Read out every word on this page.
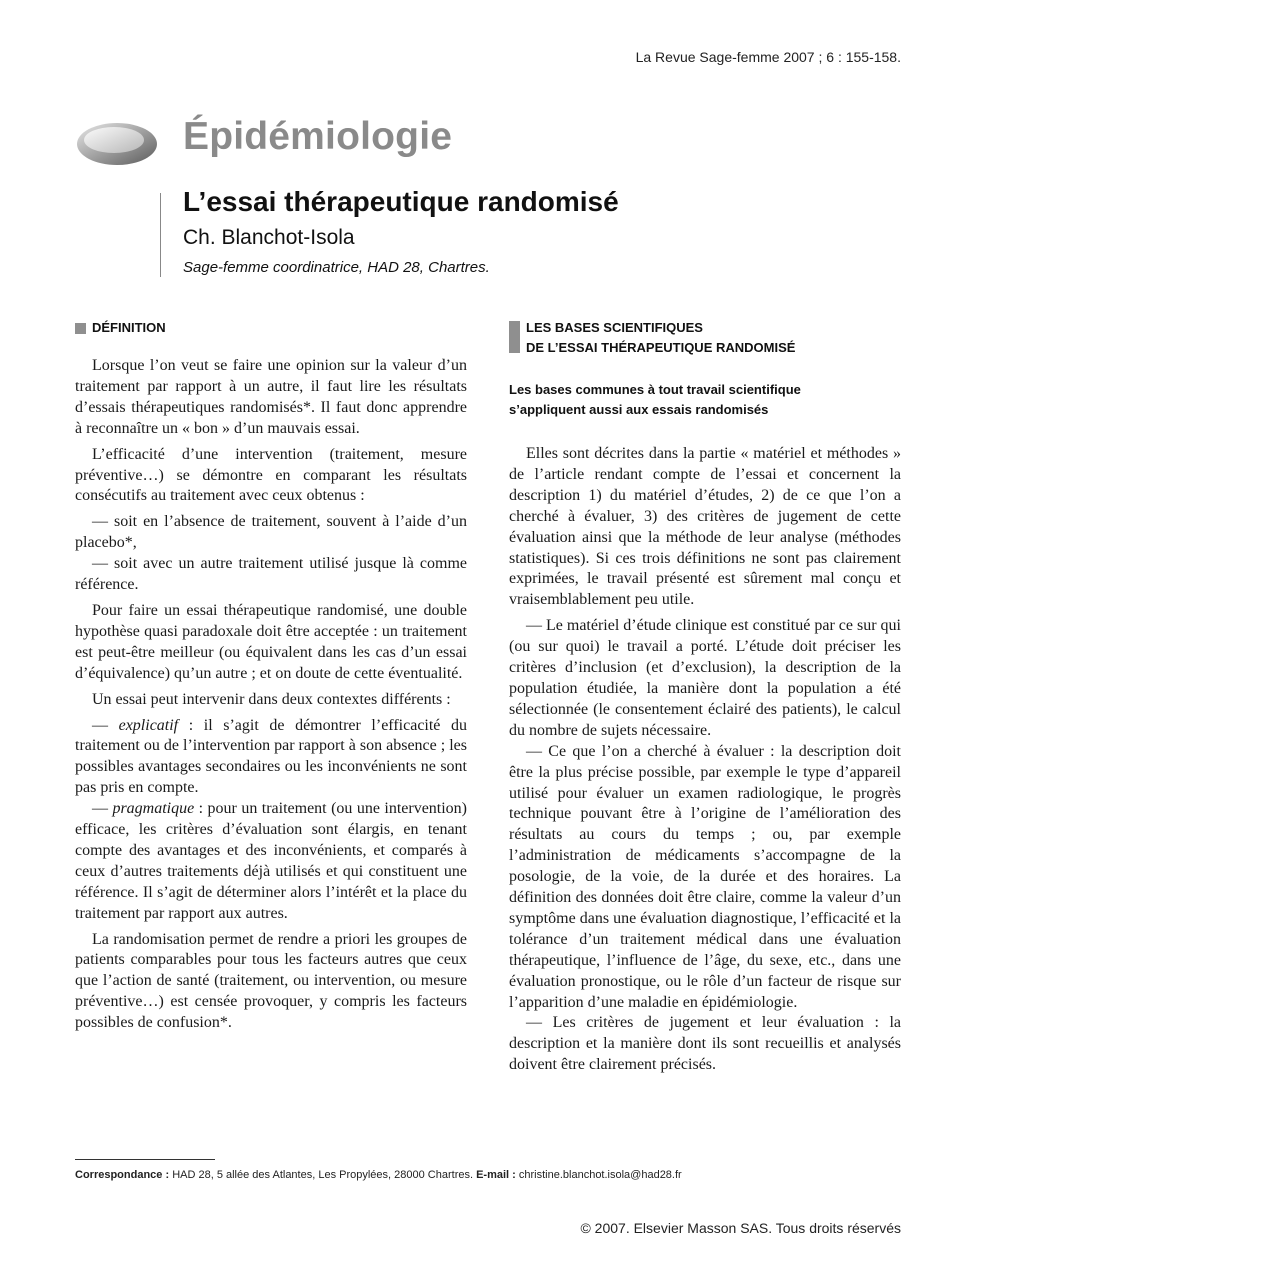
La Revue Sage-femme 2007 ; 6 : 155-158.
Épidémiologie
L’essai thérapeutique randomisé
Ch. Blanchot-Isola
Sage-femme coordinatrice, HAD 28, Chartres.
DÉFINITION

Lorsque l’on veut se faire une opinion sur la valeur d’un traitement par rapport à un autre, il faut lire les résultats d’essais thérapeutiques randomisés*. Il faut donc apprendre à reconnaître un « bon » d’un mauvais essai.

L’efficacité d’une intervention (traitement, mesure préventive…) se démontre en comparant les résultats consécutifs au traitement avec ceux obtenus :

— soit en l’absence de traitement, souvent à l’aide d’un placebo*,

— soit avec un autre traitement utilisé jusque là comme référence.

Pour faire un essai thérapeutique randomisé, une double hypothèse quasi paradoxale doit être acceptée : un traitement est peut-être meilleur (ou équivalent dans les cas d’un essai d’équivalence) qu’un autre ; et on doute de cette éventualité.

Un essai peut intervenir dans deux contextes différents :

— explicatif : il s’agit de démontrer l’efficacité du traitement ou de l’intervention par rapport à son absence ; les possibles avantages secondaires ou les inconvénients ne sont pas pris en compte.

— pragmatique : pour un traitement (ou une intervention) efficace, les critères d’évaluation sont élargis, en tenant compte des avantages et des inconvénients, et comparés à ceux d’autres traitements déjà utilisés et qui constituent une référence. Il s’agit de déterminer alors l’intérêt et la place du traitement par rapport aux autres.

La randomisation permet de rendre a priori les groupes de patients comparables pour tous les facteurs autres que ceux que l’action de santé (traitement, ou intervention, ou mesure préventive…) est censée provoquer, y compris les facteurs possibles de confusion*.

LES BASES SCIENTIFIQUES
DE L’ESSAI THÉRAPEUTIQUE RANDOMISÉ
Les bases communes à tout travail scientifique
s’appliquent aussi aux essais randomisés

Elles sont décrites dans la partie « matériel et méthodes » de l’article rendant compte de l’essai et concernent la description 1) du matériel d’études, 2) de ce que l’on a cherché à évaluer, 3) des critères de jugement de cette évaluation ainsi que la méthode de leur analyse (méthodes statistiques). Si ces trois définitions ne sont pas clairement exprimées, le travail présenté est sûrement mal conçu et vraisemblablement peu utile.

— Le matériel d’étude clinique est constitué par ce sur qui (ou sur quoi) le travail a porté. L’étude doit préciser les critères d’inclusion (et d’exclusion), la description de la population étudiée, la manière dont la population a été sélectionnée (le consentement éclairé des patients), le calcul du nombre de sujets nécessaire.

— Ce que l’on a cherché à évaluer : la description doit être la plus précise possible, par exemple le type d’appareil utilisé pour évaluer un examen radiologique, le progrès technique pouvant être à l’origine de l’amélioration des résultats au cours du temps ; ou, par exemple l’administration de médicaments s’accompagne de la posologie, de la voie, de la durée et des horaires. La définition des données doit être claire, comme la valeur d’un symptôme dans une évaluation diagnostique, l’efficacité et la tolérance d’un traitement médical dans une évaluation thérapeutique, l’influence de l’âge, du sexe, etc., dans une évaluation pronostique, ou le rôle d’un facteur de risque sur l’apparition d’une maladie en épidémiologie.

— Les critères de jugement et leur évaluation : la description et la manière dont ils sont recueillis et analysés doivent être clairement précisés.

Correspondance : HAD 28, 5 allée des Atlantes, Les Propylées, 28000 Chartres. E-mail : christine.blanchot.isola@had28.fr
© 2007. Elsevier Masson SAS. Tous droits réservés
